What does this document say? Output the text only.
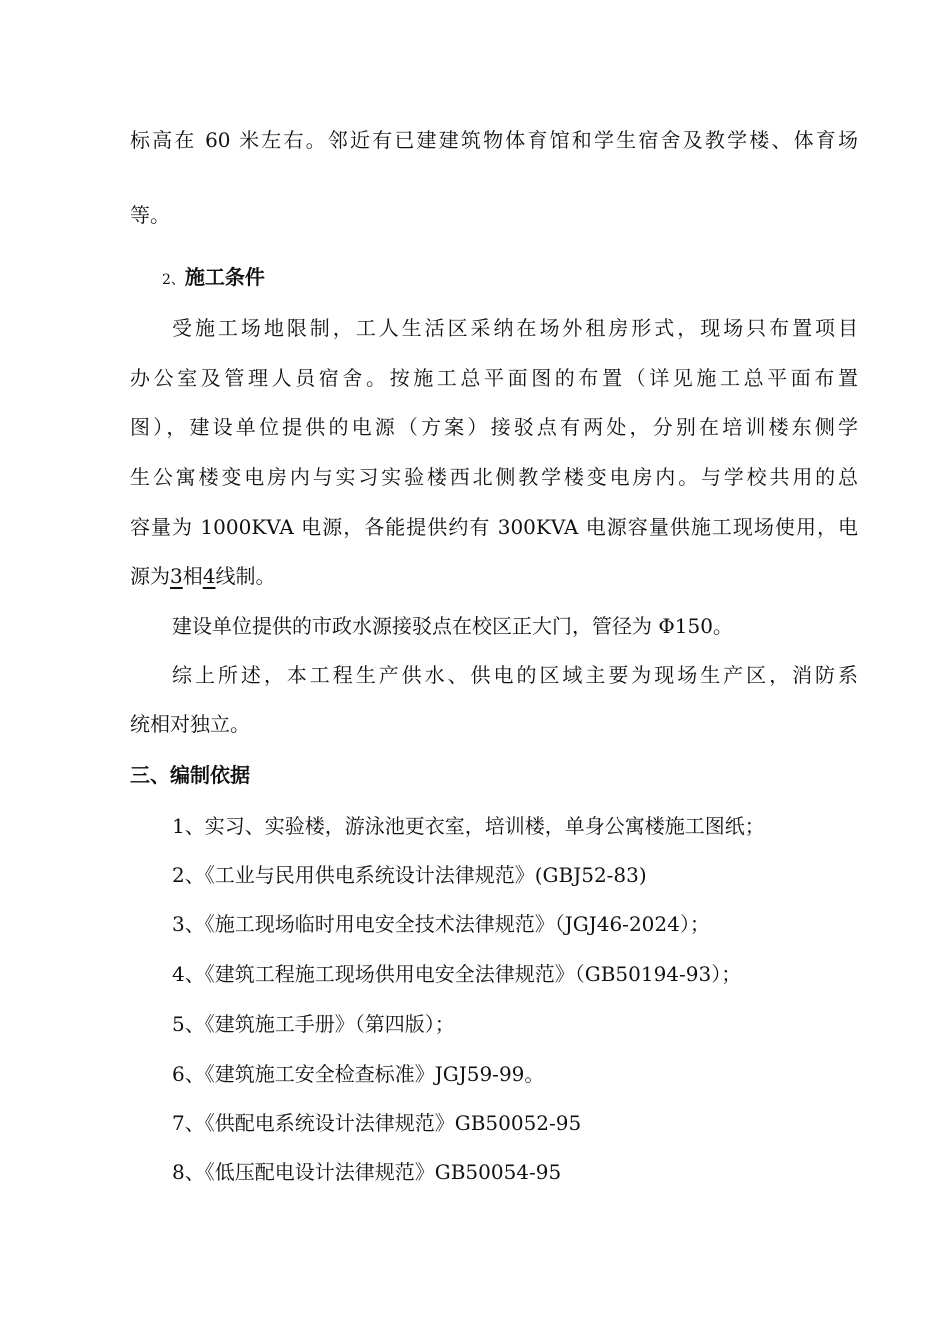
标高在 60 米左右。邻近有已建建筑物体育馆和学生宿舍及教学楼、体育场
等。
2、施工条件
受施工场地限制，工人生活区采纳在场外租房形式，现场只布置项目
办公室及管理人员宿舍。按施工总平面图的布置（详见施工总平面布置
图），建设单位提供的电源（方案）接驳点有两处，分别在培训楼东侧学
生公寓楼变电房内与实习实验楼西北侧教学楼变电房内。与学校共用的总
容量为 1000KVA 电源，各能提供约有 300KVA 电源容量供施工现场使用，电
源为3相4线制。
建设单位提供的市政水源接驳点在校区正大门，管径为 Φ150。
综上所述，本工程生产供水、供电的区域主要为现场生产区，消防系
统相对独立。
三、编制依据
1、实习、实验楼，游泳池更衣室，培训楼，单身公寓楼施工图纸；
2、《工业与民用供电系统设计法律规范》(GBJ52-83)
3、《施工现场临时用电安全技术法律规范》（JGJ46-2024）；
4、《建筑工程施工现场供用电安全法律规范》（GB50194-93）；
5、《建筑施工手册》（第四版）；
6、《建筑施工安全检查标准》JGJ59-99。
7、《供配电系统设计法律规范》GB50052-95
8、《低压配电设计法律规范》GB50054-95
